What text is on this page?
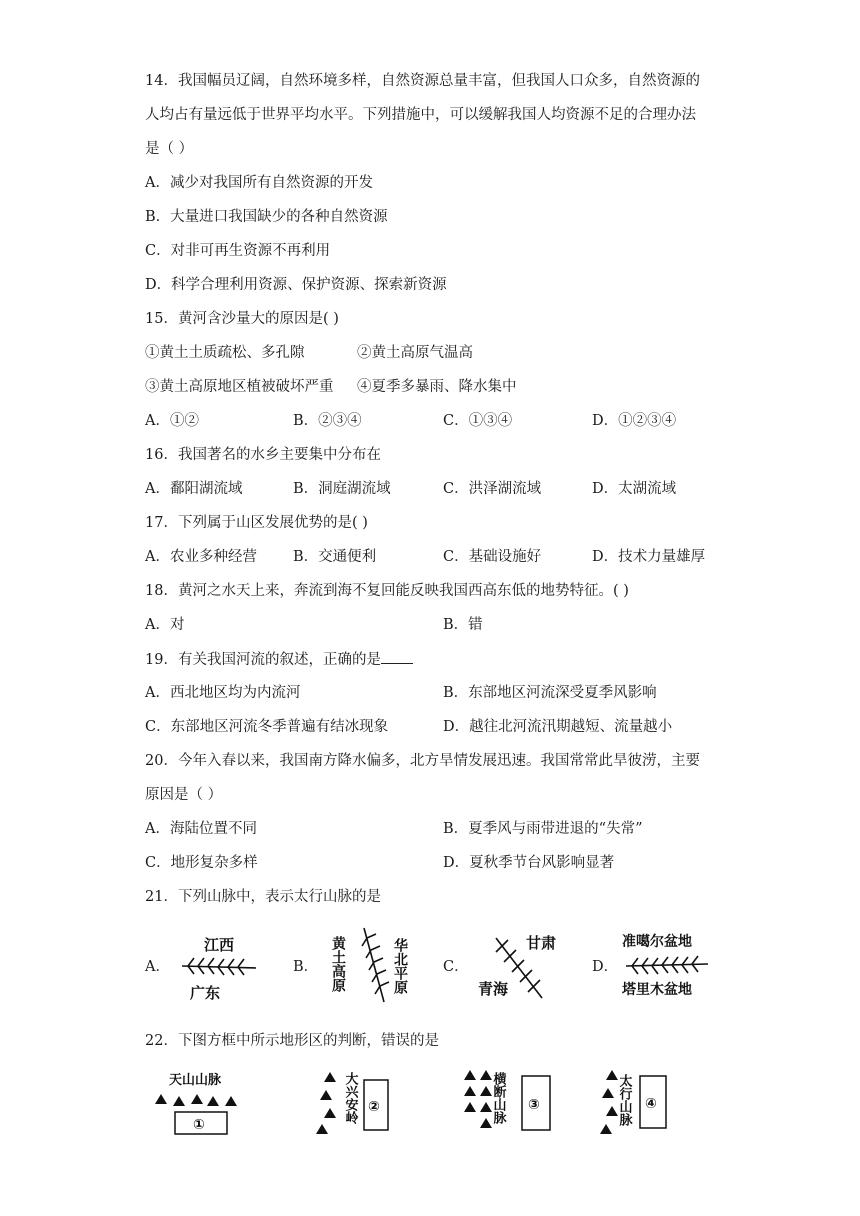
14．我国幅员辽阔，自然环境多样，自然资源总量丰富，但我国人口众多，自然资源的
人均占有量远低于世界平均水平。下列措施中，可以缓解我国人均资源不足的合理办法
是（ ）
A．减少对我国所有自然资源的开发
B．大量进口我国缺少的各种自然资源
C．对非可再生资源不再利用
D．科学合理利用资源、保护资源、探索新资源
15．黄河含沙量大的原因是( )
①黄土土质疏松、多孔隙	②黄土高原气温高
③黄土高原地区植被破坏严重 ④夏季多暴雨、降水集中
A．①②	B．②③④	C．①③④	D．①②③④
16．我国著名的水乡主要集中分布在
A．鄱阳湖流域	B．洞庭湖流域	C．洪泽湖流域	D．太湖流域
17．下列属于山区发展优势的是( )
A．农业多种经营 B．交通便利	C．基础设施好	D．技术力量雄厚
18．黄河之水天上来，奔流到海不复回能反映我国西高东低的地势特征。( )
A．对	B．错
19．有关我国河流的叙述，正确的是
A．西北地区均为内流河	B．东部地区河流深受夏季风影响
C．东部地区河流冬季普遍有结冰现象	D．越往北河流汛期越短、流量越小
20．今年入春以来，我国南方降水偏多，北方旱情发展迅速。我国常常此旱彼涝，主要
原因是（ ）
A．海陆位置不同	B．夏季风与雨带进退的“失常”
C．地形复杂多样	D．夏秋季节台风影响显著
21．下列山脉中，表示太行山脉的是
A．
江西
广东
B． 黄土高原	华北平原 C．
甘肃
青海
D．
准噶尔盆地
塔里木盆地
22．下图方框中所示地形区的判断，错误的是
天山山脉
①
大兴安岭 ②	横断山脉 ③	太行山脉 ④
